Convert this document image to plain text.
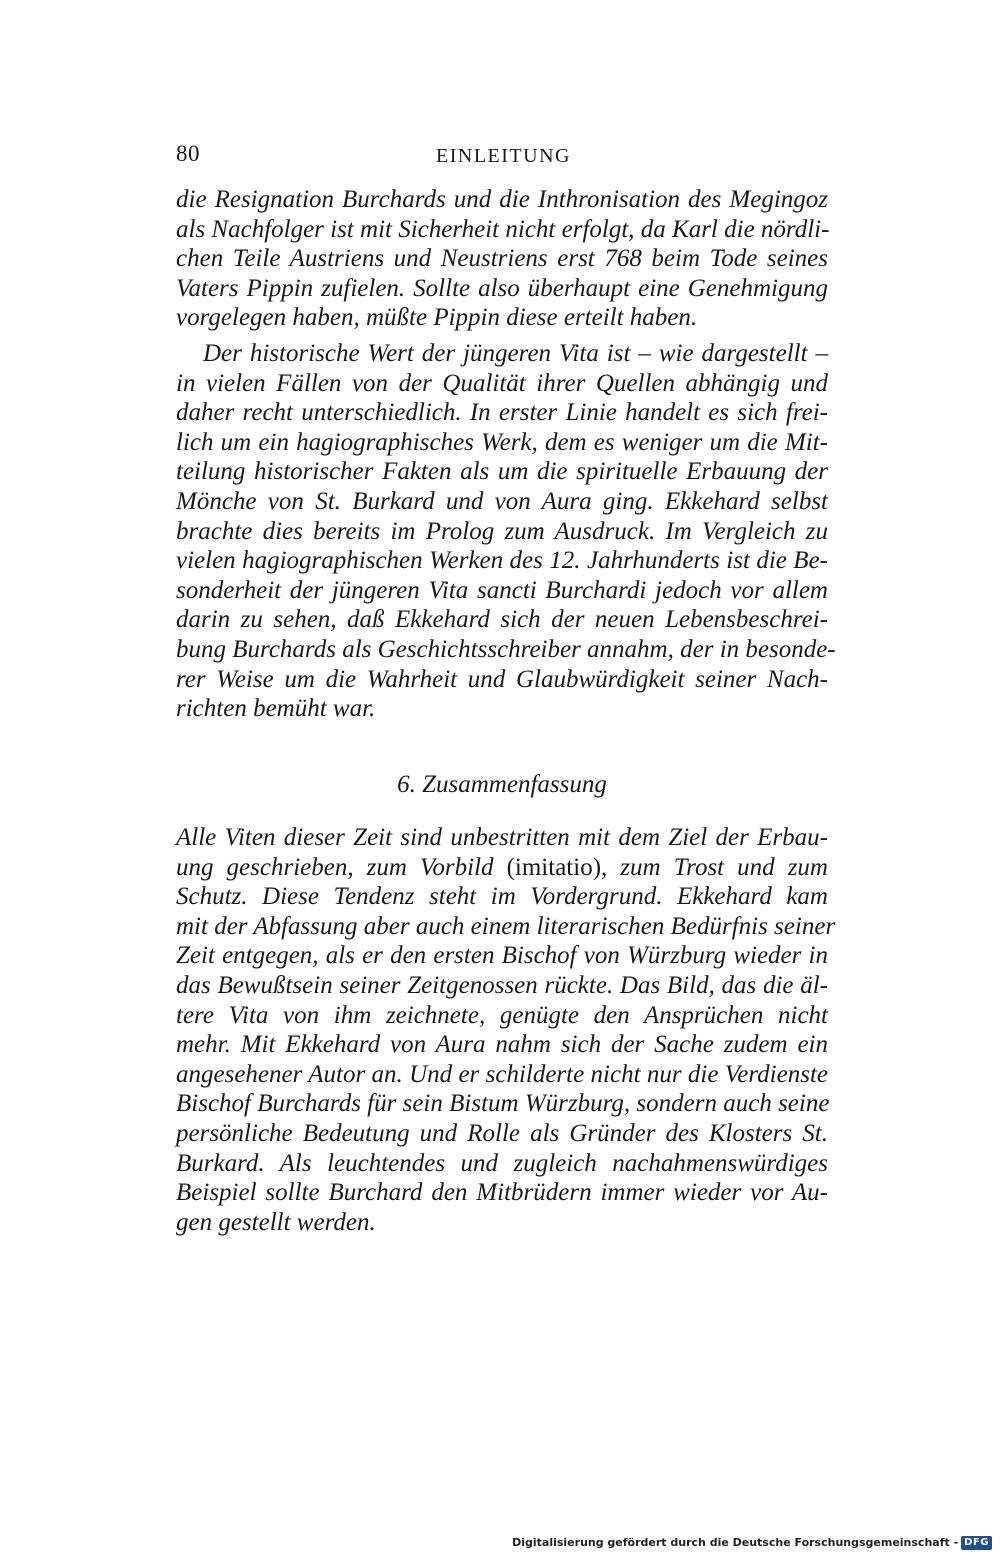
80	EINLEITUNG
die Resignation Burchards und die Inthronisation des Megingoz
als Nachfolger ist mit Sicherheit nicht erfolgt, da Karl die nördli-
chen Teile Austriens und Neustriens erst 768 beim Tode seines
Vaters Pippin zufielen. Sollte also überhaupt eine Genehmigung
vorgelegen haben, müßte Pippin diese erteilt haben.
Der historische Wert der jüngeren Vita ist – wie dargestellt –
in vielen Fällen von der Qualität ihrer Quellen abhängig und
daher recht unterschiedlich. In erster Linie handelt es sich frei-
lich um ein hagiographisches Werk, dem es weniger um die Mit-
teilung historischer Fakten als um die spirituelle Erbauung der
Mönche von St. Burkard und von Aura ging. Ekkehard selbst
brachte dies bereits im Prolog zum Ausdruck. Im Vergleich zu
vielen hagiographischen Werken des 12. Jahrhunderts ist die Be-
sonderheit der jüngeren Vita sancti Burchardi jedoch vor allem
darin zu sehen, daß Ekkehard sich der neuen Lebensbeschrei-
bung Burchards als Geschichtsschreiber annahm, der in besonde-
rer Weise um die Wahrheit und Glaubwürdigkeit seiner Nach-
richten bemüht war.
6. Zusammenfassung
Alle Viten dieser Zeit sind unbestritten mit dem Ziel der Erbau-
ung geschrieben, zum Vorbild (imitatio), zum Trost und zum
Schutz. Diese Tendenz steht im Vordergrund. Ekkehard kam
mit der Abfassung aber auch einem literarischen Bedürfnis seiner
Zeit entgegen, als er den ersten Bischof von Würzburg wieder in
das Bewußtsein seiner Zeitgenossen rückte. Das Bild, das die äl-
tere Vita von ihm zeichnete, genügte den Ansprüchen nicht
mehr. Mit Ekkehard von Aura nahm sich der Sache zudem ein
angesehener Autor an. Und er schilderte nicht nur die Verdienste
Bischof Burchards für sein Bistum Würzburg, sondern auch seine
persönliche Bedeutung und Rolle als Gründer des Klosters St.
Burkard. Als leuchtendes und zugleich nachahmenswürdiges
Beispiel sollte Burchard den Mitbrüdern immer wieder vor Au-
gen gestellt werden.
Digitalisierung gefördert durch die Deutsche Forschungsgemeinschaft - DFG
